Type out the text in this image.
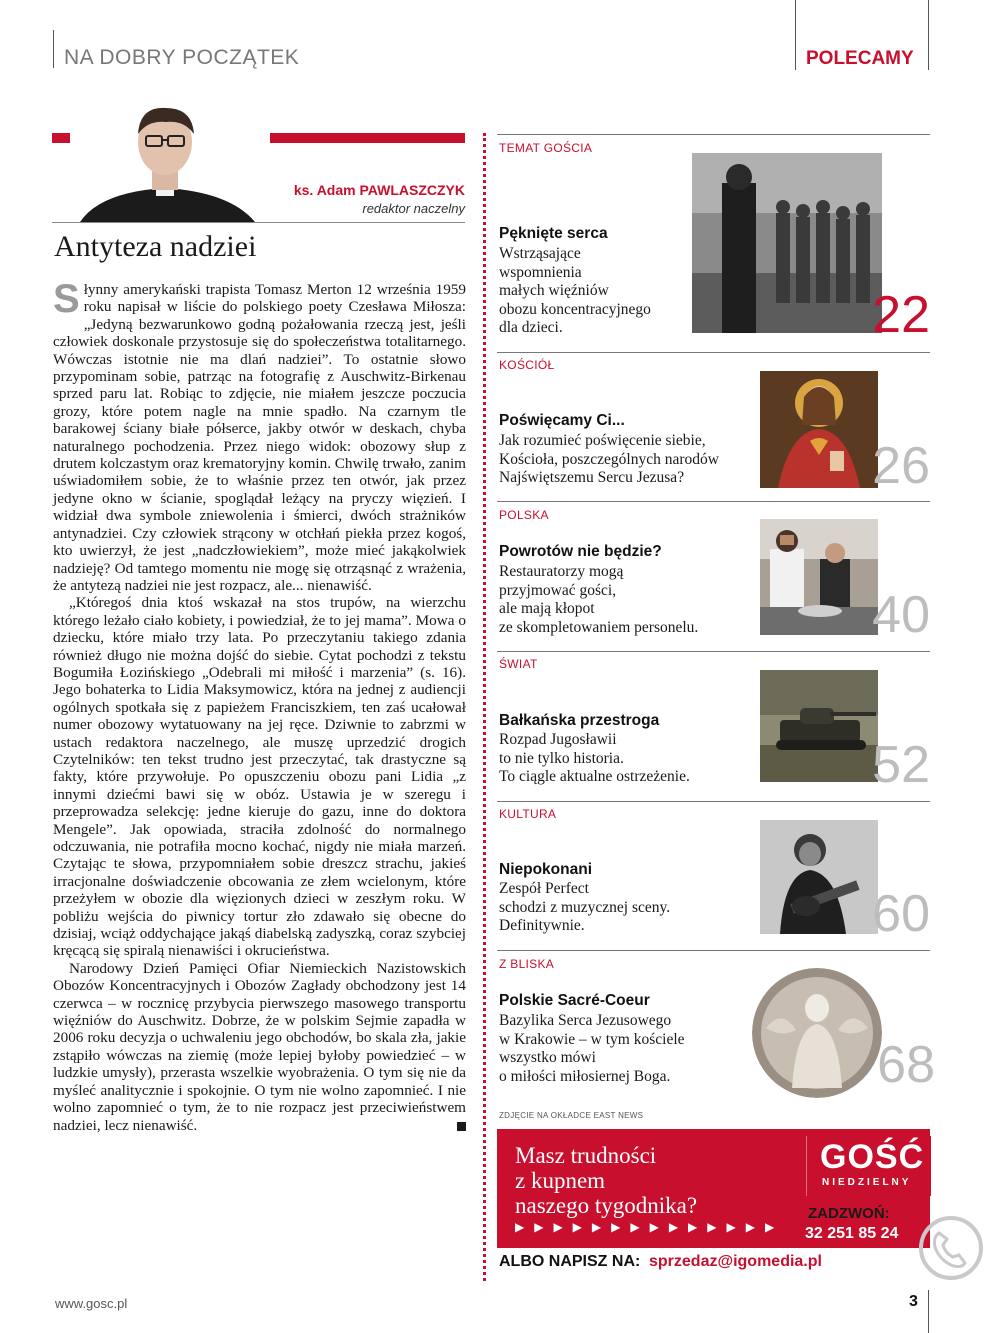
NA DOBRY POCZĄTEK	POLECAMY
ks. Adam PAWLASZCZYK
redaktor naczelny
Antyteza nadziei

Słynny amerykański trapista Tomasz Merton 12 września 1959 roku napisał w liście do polskiego poety Czesława Miłosza: „Jedyną bezwarunkowo godną pożałowania rzeczą jest, jeśli człowiek doskonale przystosuje się do społeczeństwa totalitarnego. Wówczas istotnie nie ma dlań nadziei”. To ostatnie słowo przypominam sobie, patrząc na fotografię z Auschwitz-Birkenau sprzed paru lat. Robiąc to zdjęcie, nie miałem jeszcze poczucia grozy, które potem nagle na mnie spadło. Na czarnym tle barakowej ściany białe półserce, jakby otwór w deskach, chyba naturalnego pochodzenia. Przez niego widok: obozowy słup z drutem kolczastym oraz krematoryjny komin. Chwilę trwało, zanim uświadomiłem sobie, że to właśnie przez ten otwór, jak przez jedyne okno w ścianie, spoglądał leżący na pryczy więzień. I widział dwa symbole zniewolenia i śmierci, dwóch strażników antynadziei. Czy człowiek strącony w otchłań piekła przez kogoś, kto uwierzył, że jest „nadczłowiekiem”, może mieć jakąkolwiek nadzieję? Od tamtego momentu nie mogę się otrząsnąć z wrażenia, że antytezą nadziei nie jest rozpacz, ale... nienawiść.

„Któregoś dnia ktoś wskazał na stos trupów, na wierzchu którego leżało ciało kobiety, i powiedział, że to jej mama”. Mowa o dziecku, które miało trzy lata. Po przeczytaniu takiego zdania również długo nie można dojść do siebie. Cytat pochodzi z tekstu Bogumiła Łozińskiego „Odebrali mi miłość i marzenia” (s. 16). Jego bohaterka to Lidia Maksymowicz, która na jednej z audiencji ogólnych spotkała się z papieżem Franciszkiem, ten zaś ucałował numer obozowy wytatuowany na jej ręce. Dziwnie to zabrzmi w ustach redaktora naczelnego, ale muszę uprzedzić drogich Czytelników: ten tekst trudno jest przeczytać, tak drastyczne są fakty, które przywołuje. Po opuszczeniu obozu pani Lidia „z innymi dziećmi bawi się w obóz. Ustawia je w szeregu i przeprowadza selekcję: jedne kieruje do gazu, inne do doktora Mengele”. Jak opowiada, straciła zdolność do normalnego odczuwania, nie potrafiła mocno kochać, nigdy nie miała marzeń. Czytając te słowa, przypomniałem sobie dreszcz strachu, jakieś irracjonalne doświadczenie obcowania ze złem wcielonym, które przeżyłem w obozie dla więzionych dzieci w zeszłym roku. W pobliżu wejścia do piwnicy tortur zło zdawało się obecne do dzisiaj, wciąż oddychające jakąś diabelską zadyszką, coraz szybciej kręcącą się spiralą nienawiści i okrucieństwa.

Narodowy Dzień Pamięci Ofiar Niemieckich Nazistowskich Obozów Koncentracyjnych i Obozów Zagłady obchodzony jest 14 czerwca – w rocznicę przybycia pierwszego masowego transportu więźniów do Auschwitz. Dobrze, że w polskim Sejmie zapadła w 2006 roku decyzja o uchwaleniu jego obchodów, bo skala zła, jakie zstąpiło wówczas na ziemię (może lepiej byłoby powiedzieć – w ludzkie umysły), przerasta wszelkie wyobrażenia. O tym się nie da myśleć analitycznie i spokojnie. O tym nie wolno zapomnieć. I nie wolno zapomnieć o tym, że to nie rozpacz jest przeciwieństwem nadziei, lecz nienawiść.

TEMAT GOŚCIA
Pęknięte serca
Wstrząsające
wspomnienia
małych więźniów
obozu koncentracyjnego
dla dzieci.	22
KOŚCIÓŁ
Poświęcamy Ci...
Jak rozumieć poświęcenie siebie,
Kościoła, poszczególnych narodów
Najświętszemu Sercu Jezusa?	26
POLSKA
Powrotów nie będzie?
Restauratorzy mogą
przyjmować gości,
ale mają kłopot
ze skompletowaniem personelu.	40
ŚWIAT
Bałkańska przestroga
Rozpad Jugosławii
to nie tylko historia.
To ciągle aktualne ostrzeżenie.	52
KULTURA
Niepokonani
Zespół Perfect
schodzi z muzycznej sceny.
Definitywnie.	60
Z BLISKA
Polskie Sacré-Coeur
Bazylika Serca Jezusowego
w Krakowie – w tym kościele
wszystko mówi
o miłości miłosiernej Boga.	68
ZDJĘCIE NA OKŁADCE EAST NEWS
Masz trudności
z kupnem
naszego tygodnika?
▶▶▶▶▶▶▶▶▶▶▶▶▶▶
GOŚĆ
NIEDZIELNY
ZADZWOŃ:
32 251 85 24
ALBO NAPISZ NA: sprzedaz@igomedia.pl
www.gosc.pl	3
